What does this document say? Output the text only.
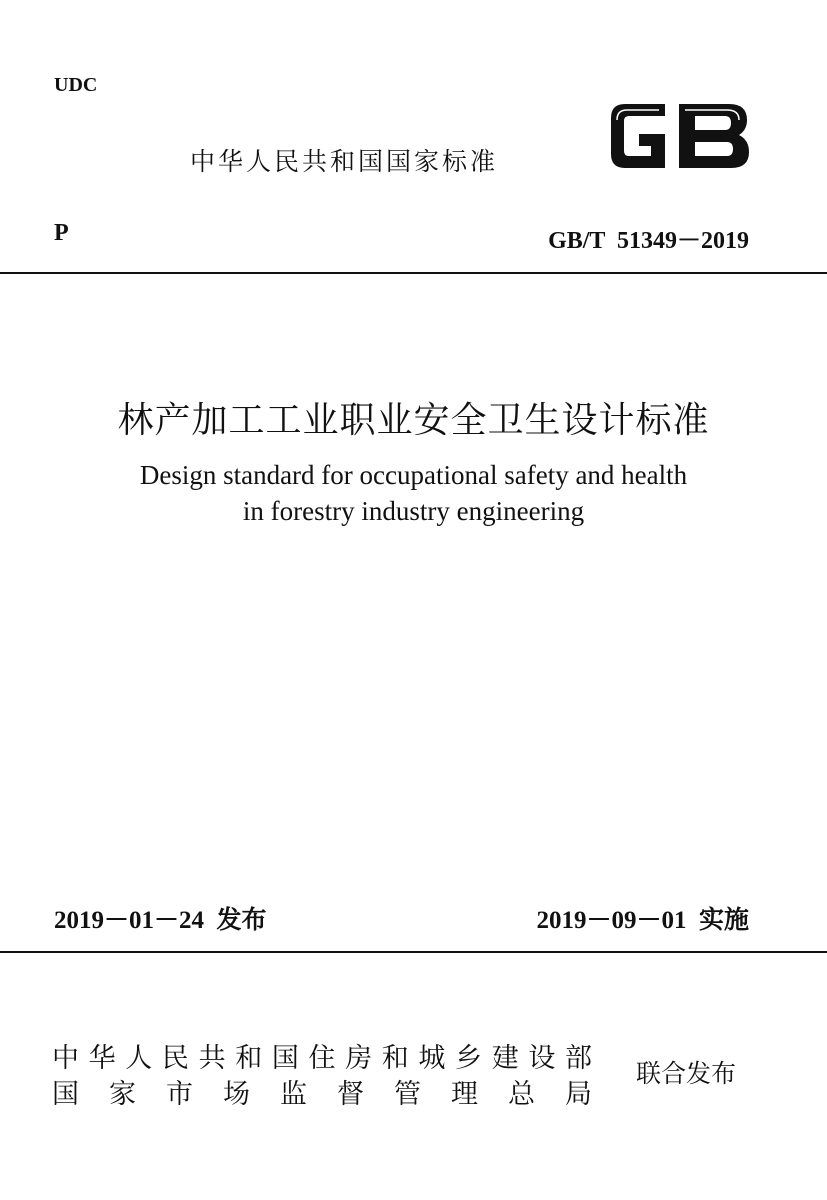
UDC
中华人民共和国国家标准
P	GB/T  51349－2019
林产加工工业职业安全卫生设计标准
Design standard for occupational safety and health
in forestry industry engineering
2019－01－24  发布	2019－09－01  实施
中 华 人 民 共 和 国 住 房 和 城 乡 建 设 部
国 家 市 场 监 督 管 理 总 局
联合发布
